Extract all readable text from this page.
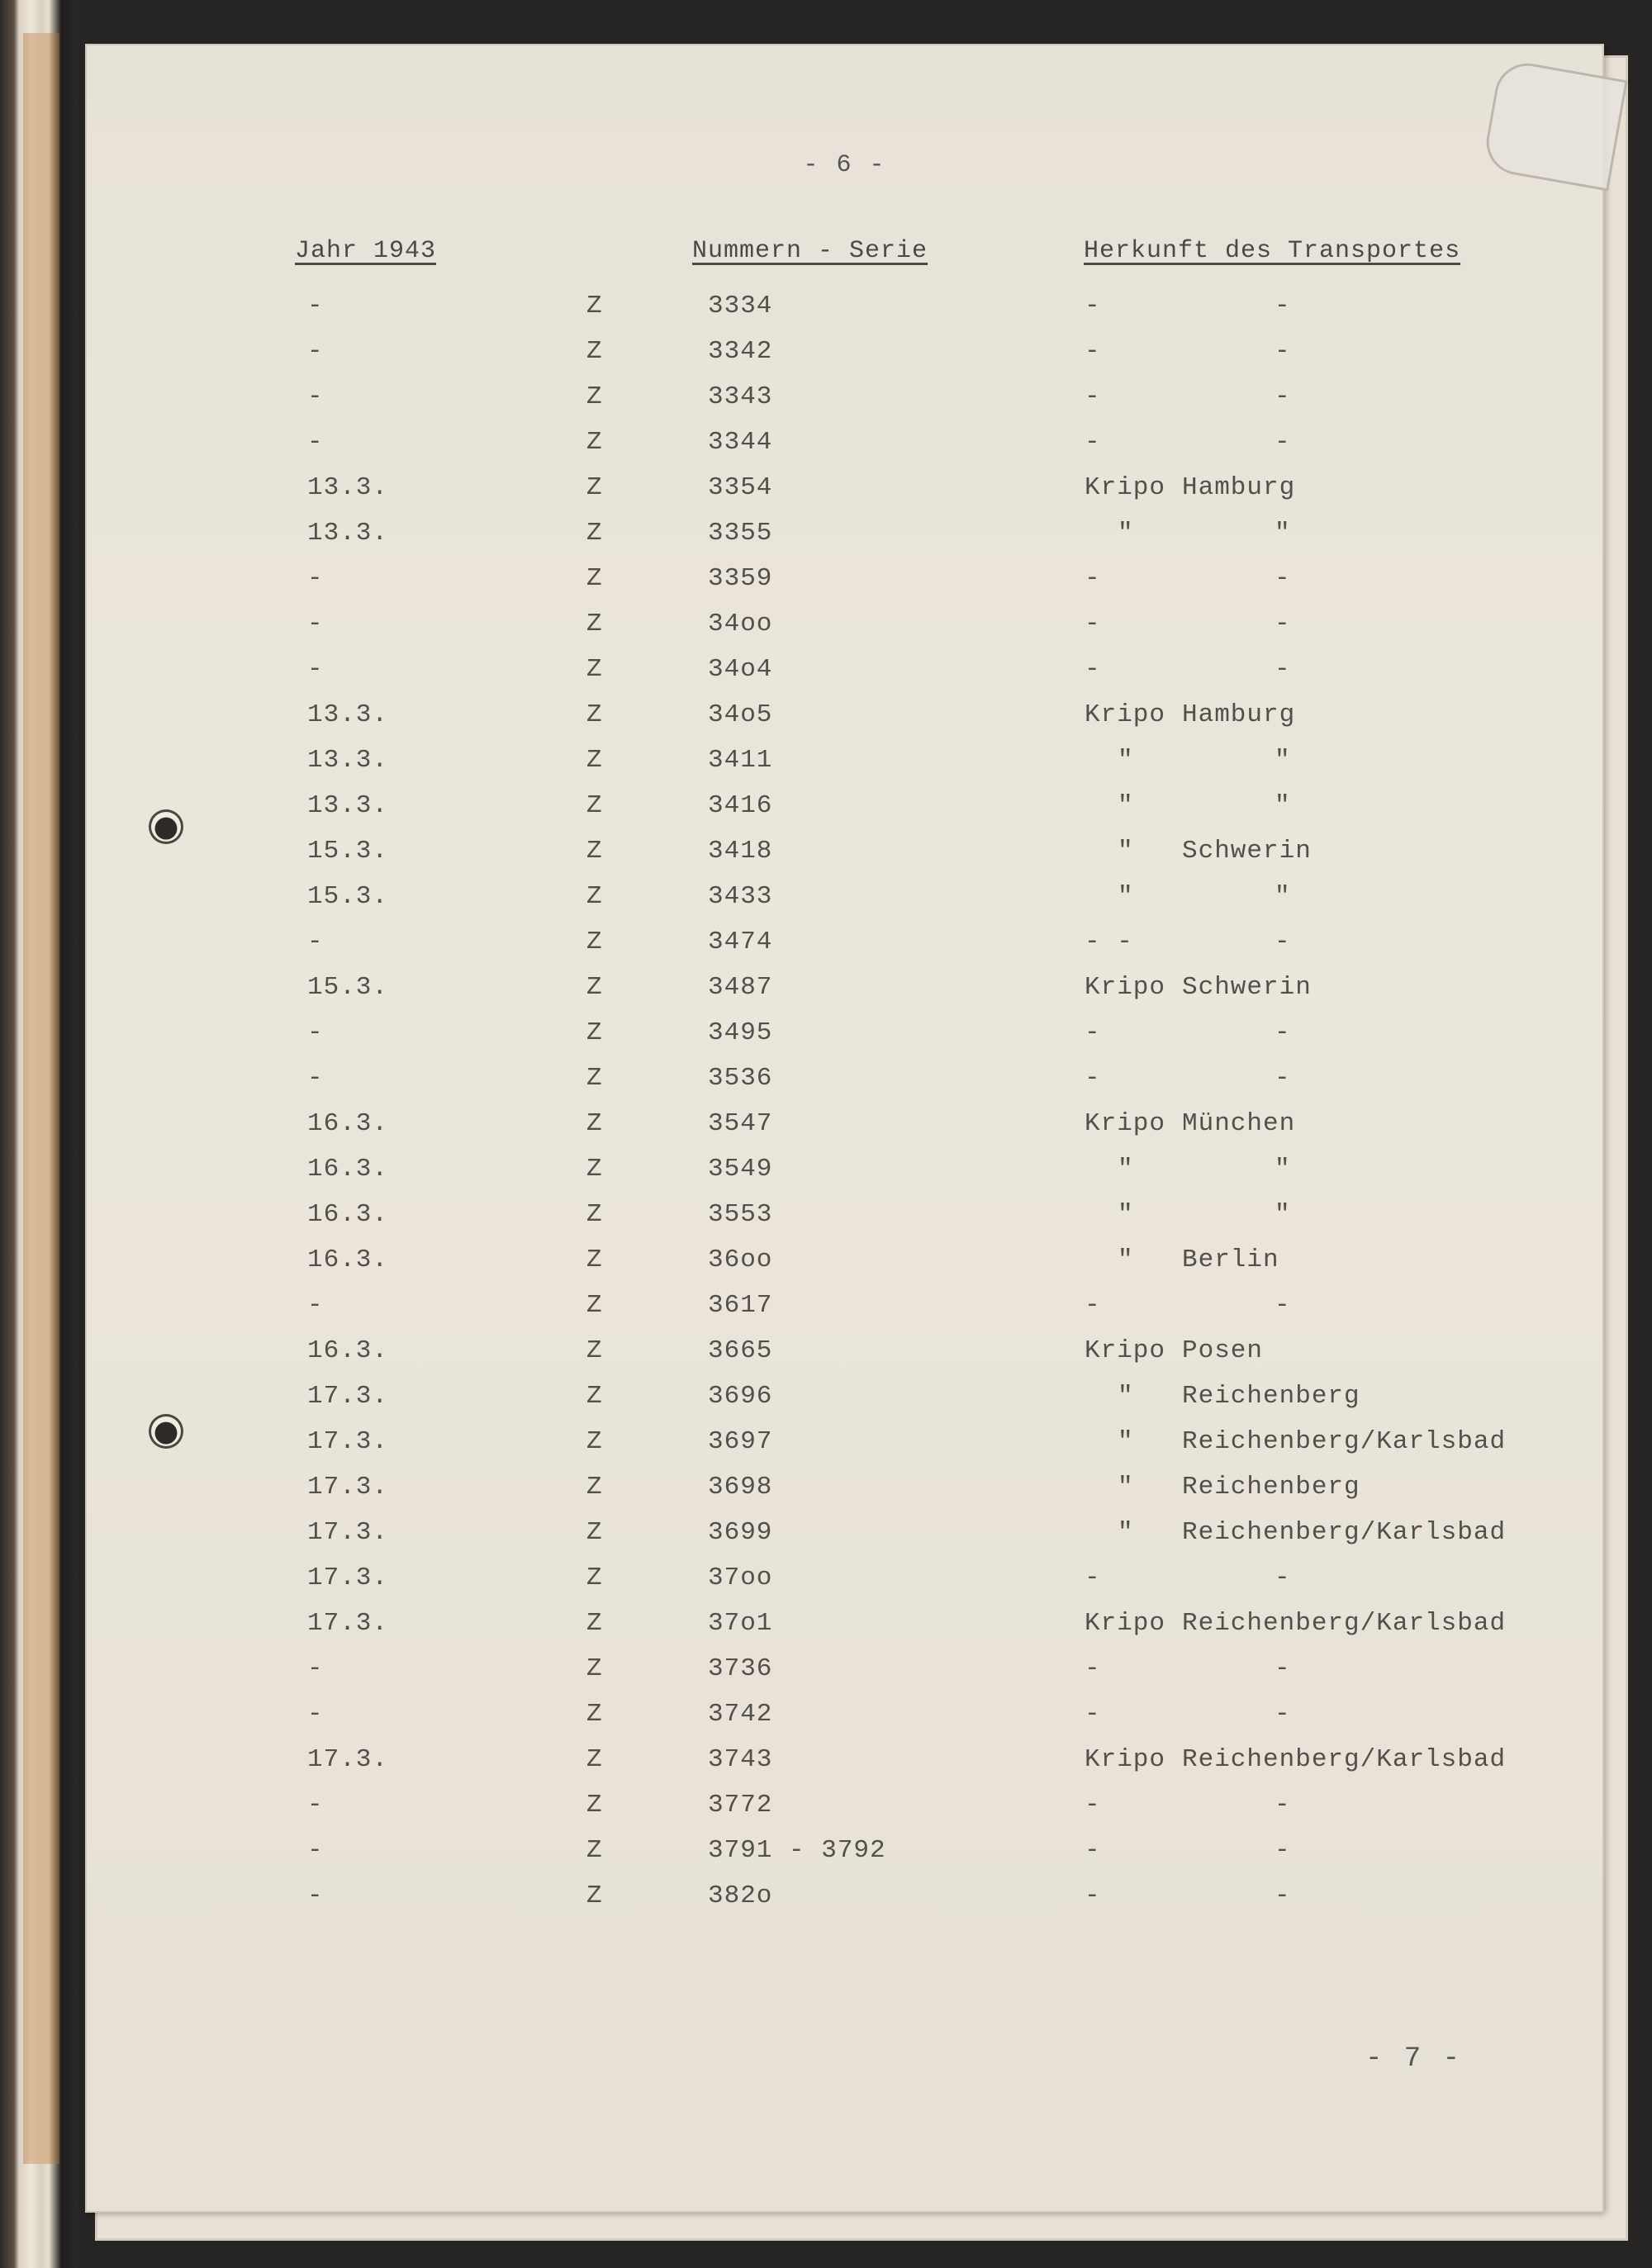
- 6 -
Jahr 1943	Nummern - Serie	Herkunft des Transportes
-	Z	3334	-	-
-	Z	3342	-	-
-	Z	3343	-	-
-	Z	3344	-	-
13.3.	Z	3354	Kripo Hamburg
13.3.	Z	3355	"	"
-	Z	3359	-	-
-	Z	34oo	-	-
-	Z	34o4	-	-
13.3.	Z	34o5	Kripo Hamburg
13.3.	Z	3411	"	"
13.3.	Z	3416	"	"
15.3.	Z	3418	" Schwerin
15.3.	Z	3433	"	"
-	Z	3474	- -	-
15.3.	Z	3487	Kripo Schwerin
-	Z	3495	-	-
-	Z	3536	-	-
16.3.	Z	3547	Kripo München
16.3.	Z	3549	"	"
16.3.	Z	3553	"	"
16.3.	Z	36oo	" Berlin
-	Z	3617	-	-
16.3.	Z	3665	Kripo Posen
17.3.	Z	3696	" Reichenberg
17.3.	Z	3697	" Reichenberg/Karlsbad
17.3.	Z	3698	" Reichenberg
17.3.	Z	3699	" Reichenberg/Karlsbad
17.3.	Z	37oo	-	-
17.3.	Z	37o1	Kripo Reichenberg/Karlsbad
-	Z	3736	-	-
-	Z	3742	-	-
17.3.	Z	3743	Kripo Reichenberg/Karlsbad
-	Z	3772	-	-
-	Z	3791 - 3792	-	-
-	Z	382o	-	-
- 7 -
